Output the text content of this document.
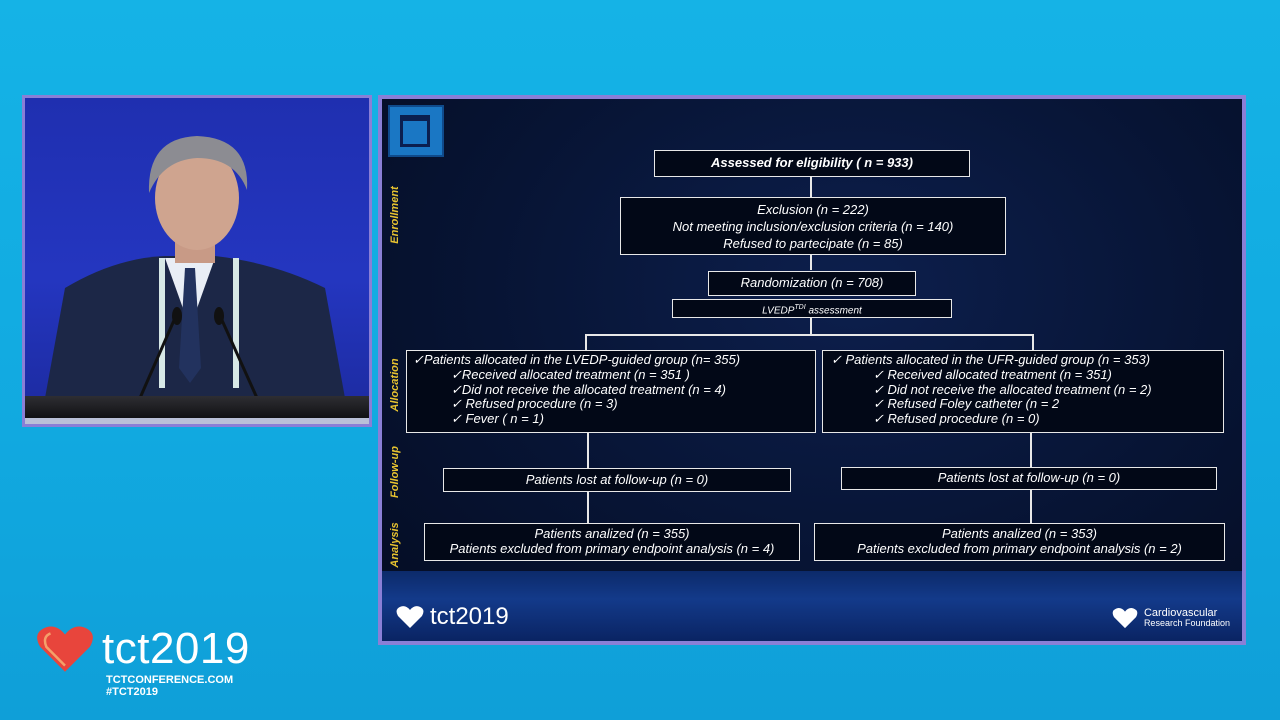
Enrollment
Allocation
Follow-up
Analysis
Assessed for eligibility ( n = 933)
Exclusion (n = 222)
Not meeting inclusion/exclusion criteria (n = 140)
Refused to partecipate (n = 85)
Randomization (n = 708)
$LVEDP^{TDI}$ assessment
✓Patients allocated in the LVEDP-guided group (n= 355)
✓Received allocated treatment (n = 351 )
✓Did not receive the allocated treatment (n = 4)
✓ Refused procedure (n = 3)
✓ Fever ( n = 1)
✓ Patients allocated in the UFR-guided group (n = 353)
✓ Received allocated treatment (n = 351)
✓ Did not receive the allocated treatment (n = 2)
✓ Refused Foley catheter (n = 2
✓ Refused procedure (n = 0)
Patients lost at follow-up (n = 0)	Patients lost at follow-up (n = 0)
Patients analized (n = 355)
Patients excluded from primary endpoint analysis (n = 4)
Patients analized (n = 353)
Patients excluded from primary endpoint analysis (n = 2)
tct2019	Cardiovascular
Research Foundation
tct2019
TCTCONFERENCE.COM
#TCT2019
